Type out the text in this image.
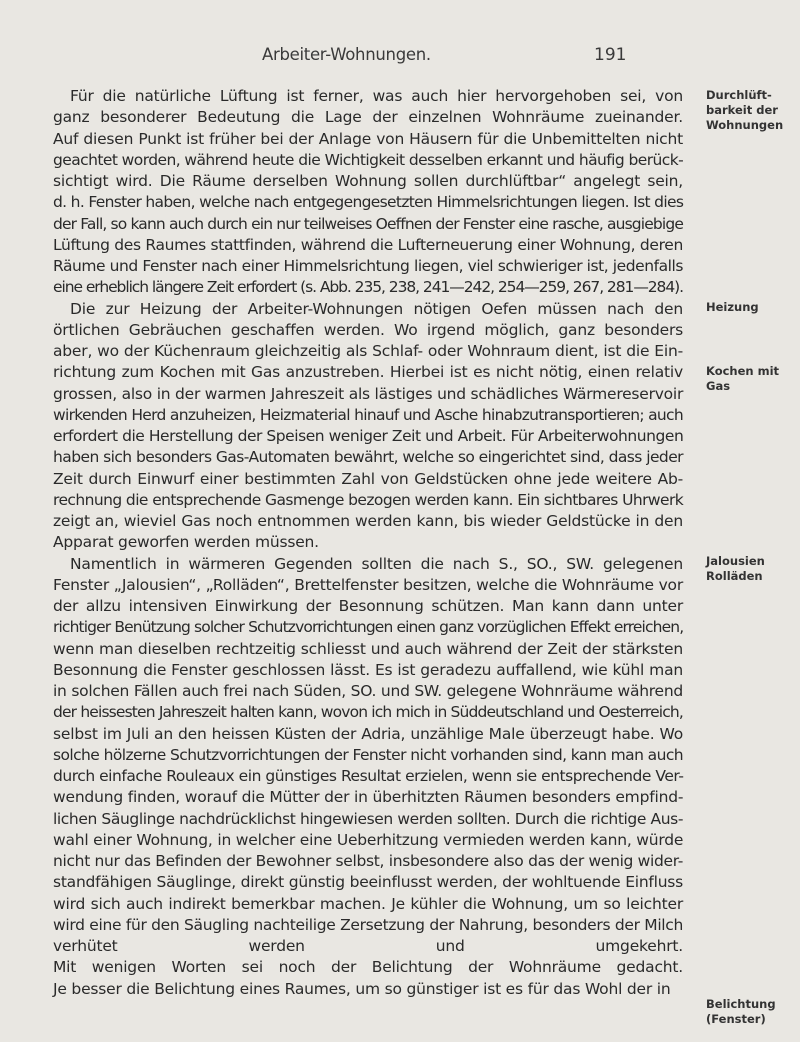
Arbeiter-Wohnungen.	191
Für die natürliche Lüftung ist ferner, was auch hier hervorgehoben sei, von
ganz besonderer Bedeutung die Lage der einzelnen Wohnräume zueinander.
Auf diesen Punkt ist früher bei der Anlage von Häusern für die Unbemittelten nicht
geachtet worden, während heute die Wichtigkeit desselben erkannt und häufig berück-
sichtigt wird. Die Räume derselben Wohnung sollen durchlüftbar“ angelegt sein,
d. h. Fenster haben, welche nach entgegengesetzten Himmelsrichtungen liegen. Ist dies
der Fall, so kann auch durch ein nur teilweises Oeffnen der Fenster eine rasche, ausgiebige
Lüftung des Raumes stattfinden, während die Lufterneuerung einer Wohnung, deren
Räume und Fenster nach einer Himmelsrichtung liegen, viel schwieriger ist, jedenfalls
eine erheblich längere Zeit erfordert (s. Abb. 235, 238, 241—242, 254—259, 267, 281—284).
Die zur Heizung der Arbeiter-Wohnungen nötigen Oefen müssen nach den
örtlichen Gebräuchen geschaffen werden. Wo irgend möglich, ganz besonders
aber, wo der Küchenraum gleichzeitig als Schlaf- oder Wohnraum dient, ist die Ein-
richtung zum Kochen mit Gas anzustreben. Hierbei ist es nicht nötig, einen relativ
grossen, also in der warmen Jahreszeit als lästiges und schädliches Wärmereservoir
wirkenden Herd anzuheizen, Heizmaterial hinauf und Asche hinabzutransportieren; auch
erfordert die Herstellung der Speisen weniger Zeit und Arbeit. Für Arbeiterwohnungen
haben sich besonders Gas-Automaten bewährt, welche so eingerichtet sind, dass jeder
Zeit durch Einwurf einer bestimmten Zahl von Geldstücken ohne jede weitere Ab-
rechnung die entsprechende Gasmenge bezogen werden kann. Ein sichtbares Uhrwerk
zeigt an, wieviel Gas noch entnommen werden kann, bis wieder Geldstücke in den
Apparat geworfen werden müssen.
Namentlich in wärmeren Gegenden sollten die nach S., SO., SW. gelegenen
Fenster „Jalousien“, „Rolläden“, Brettelfenster besitzen, welche die Wohnräume vor
der allzu intensiven Einwirkung der Besonnung schützen. Man kann dann unter
richtiger Benützung solcher Schutzvorrichtungen einen ganz vorzüglichen Effekt erreichen,
wenn man dieselben rechtzeitig schliesst und auch während der Zeit der stärksten
Besonnung die Fenster geschlossen lässt. Es ist geradezu auffallend, wie kühl man
in solchen Fällen auch frei nach Süden, SO. und SW. gelegene Wohnräume während
der heissesten Jahreszeit halten kann, wovon ich mich in Süddeutschland und Oesterreich,
selbst im Juli an den heissen Küsten der Adria, unzählige Male überzeugt habe. Wo
solche hölzerne Schutzvorrichtungen der Fenster nicht vorhanden sind, kann man auch
durch einfache Rouleaux ein günstiges Resultat erzielen, wenn sie entsprechende Ver-
wendung finden, worauf die Mütter der in überhitzten Räumen besonders empfind-
lichen Säuglinge nachdrücklichst hingewiesen werden sollten. Durch die richtige Aus-
wahl einer Wohnung, in welcher eine Ueberhitzung vermieden werden kann, würde
nicht nur das Befinden der Bewohner selbst, insbesondere also das der wenig wider-
standfähigen Säuglinge, direkt günstig beeinflusst werden, der wohltuende Einfluss
wird sich auch indirekt bemerkbar machen. Je kühler die Wohnung, um so leichter
wird eine für den Säugling nachteilige Zersetzung der Nahrung, besonders der Milch
verhütet werden und umgekehrt.
Mit wenigen Worten sei noch der Belichtung der Wohnräume gedacht.
Je besser die Belichtung eines Raumes, um so günstiger ist es für das Wohl der in
Durchlüft-barkeit der Wohnungen
Heizung
Kochen mit Gas
Jalousien Rolläden
Belichtung (Fenster)
